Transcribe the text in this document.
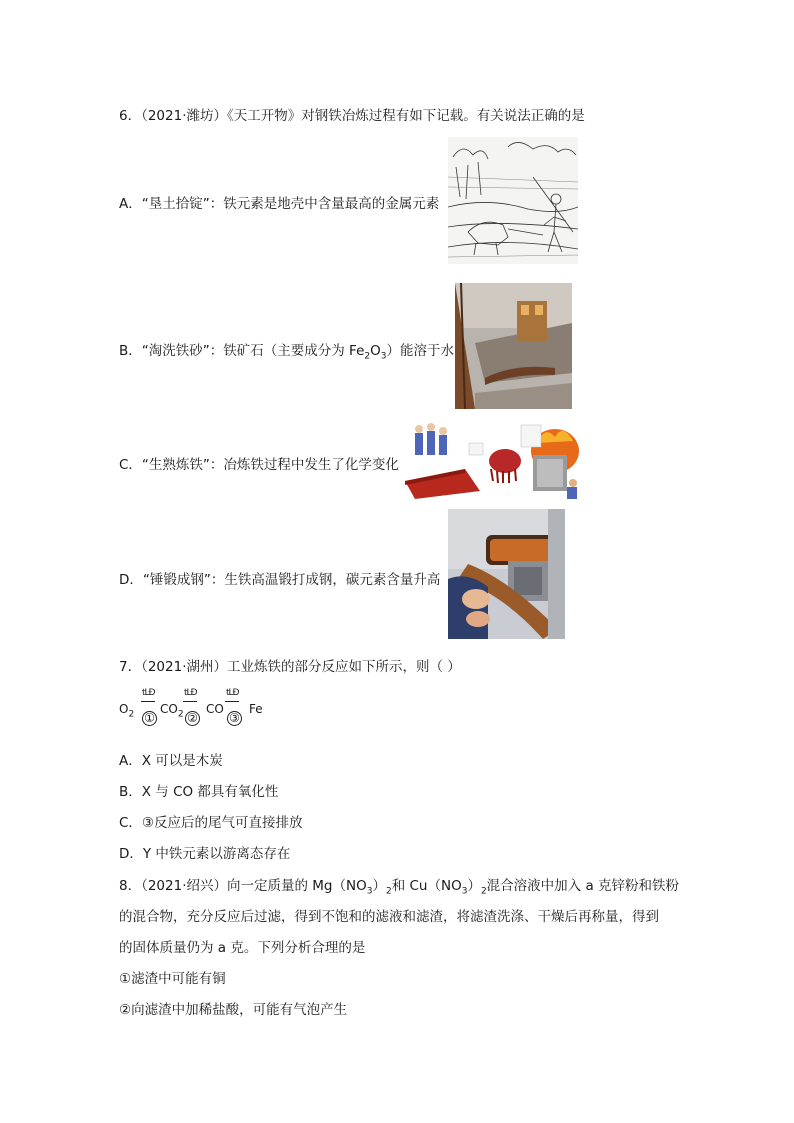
6．（2021·潍坊）《天工开物》对钢铁冶炼过程有如下记载。有关说法正确的是
A．“垦土拾锭”：铁元素是地壳中含量最高的金属元素
B．“淘洗铁砂”：铁矿石（主要成分为 $Fe_2O_3$）能溶于水
C．“生熟炼铁”：冶炼铁过程中发生了化学变化
D．“锤锻成钢”：生铁高温锻打成钢，碳元素含量升高
7．（2021·湖州）工业炼铁的部分反应如下所示，则（ ）
$O_2$
tLĐ
①
$CO_2$
tLĐ
②
CO
tLĐ
③
Fe
A．X 可以是木炭
B．X 与 CO 都具有氧化性
C．③反应后的尾气可直接排放
D．Y 中铁元素以游离态存在
8．（2021·绍兴）向一定质量的 $Mg(NO_3)_2$和 $Cu(NO_3)_2$混合溶液中加入 a 克锌粉和铁粉
的混合物，充分反应后过滤，得到不饱和的滤液和滤渣，将滤渣洗涤、干燥后再称量，得到
的固体质量仍为 a 克。下列分析合理的是
①滤渣中可能有铜
②向滤渣中加稀盐酸，可能有气泡产生
